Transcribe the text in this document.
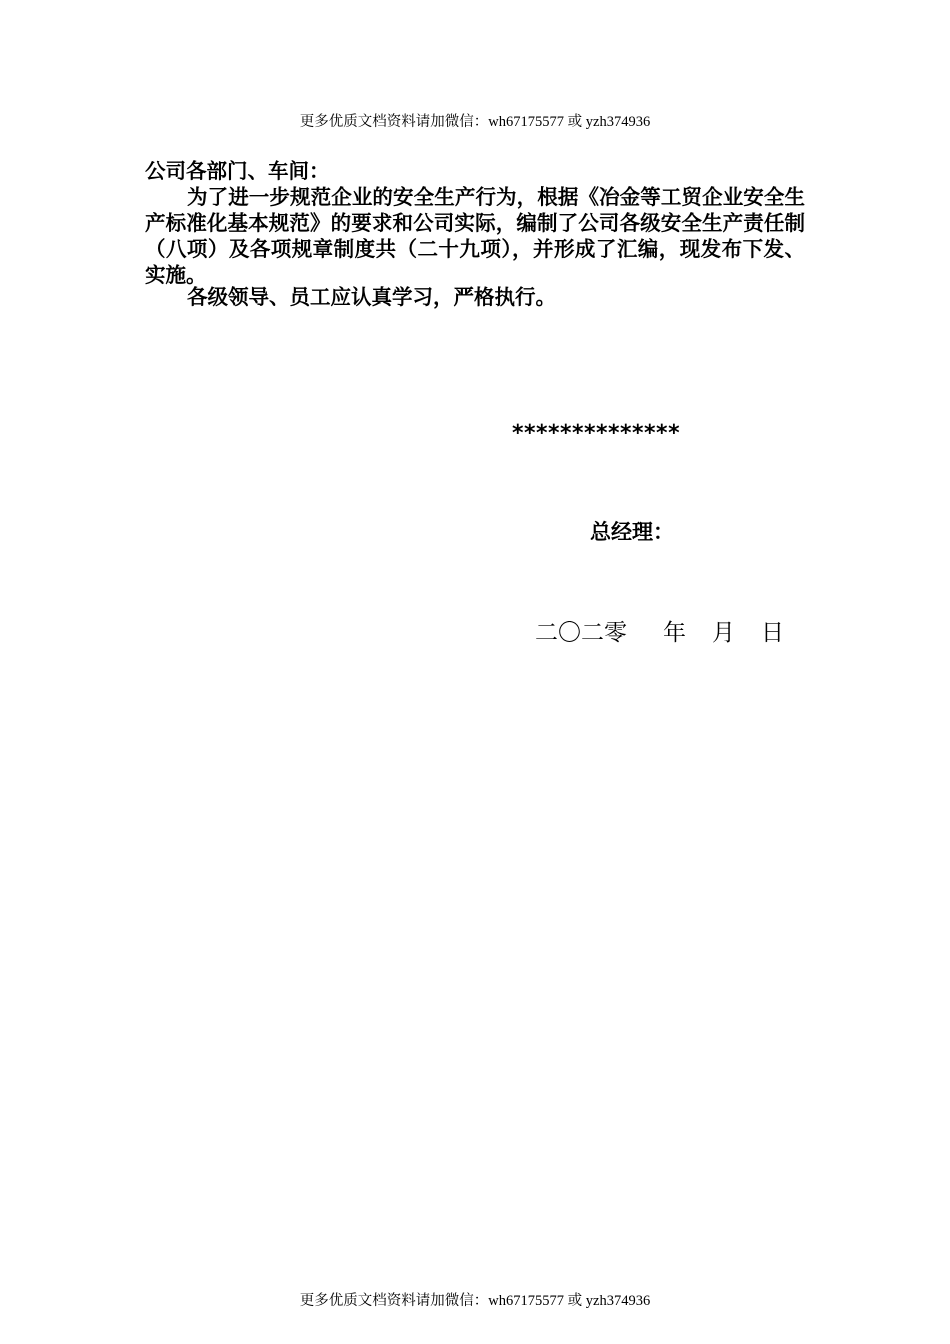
更多优质文档资料请加微信：wh67175577 或 yzh374936
公司各部门、车间：
为了进一步规范企业的安全生产行为，根据《冶金等工贸企业安全生产标准化基本规范》的要求和公司实际，编制了公司各级安全生产责任制（八项）及各项规章制度共（二十九项），并形成了汇编，现发布下发、实施。
各级领导、员工应认真学习，严格执行。
**************
总经理：
二〇二零 年 月 日
更多优质文档资料请加微信：wh67175577 或 yzh374936
